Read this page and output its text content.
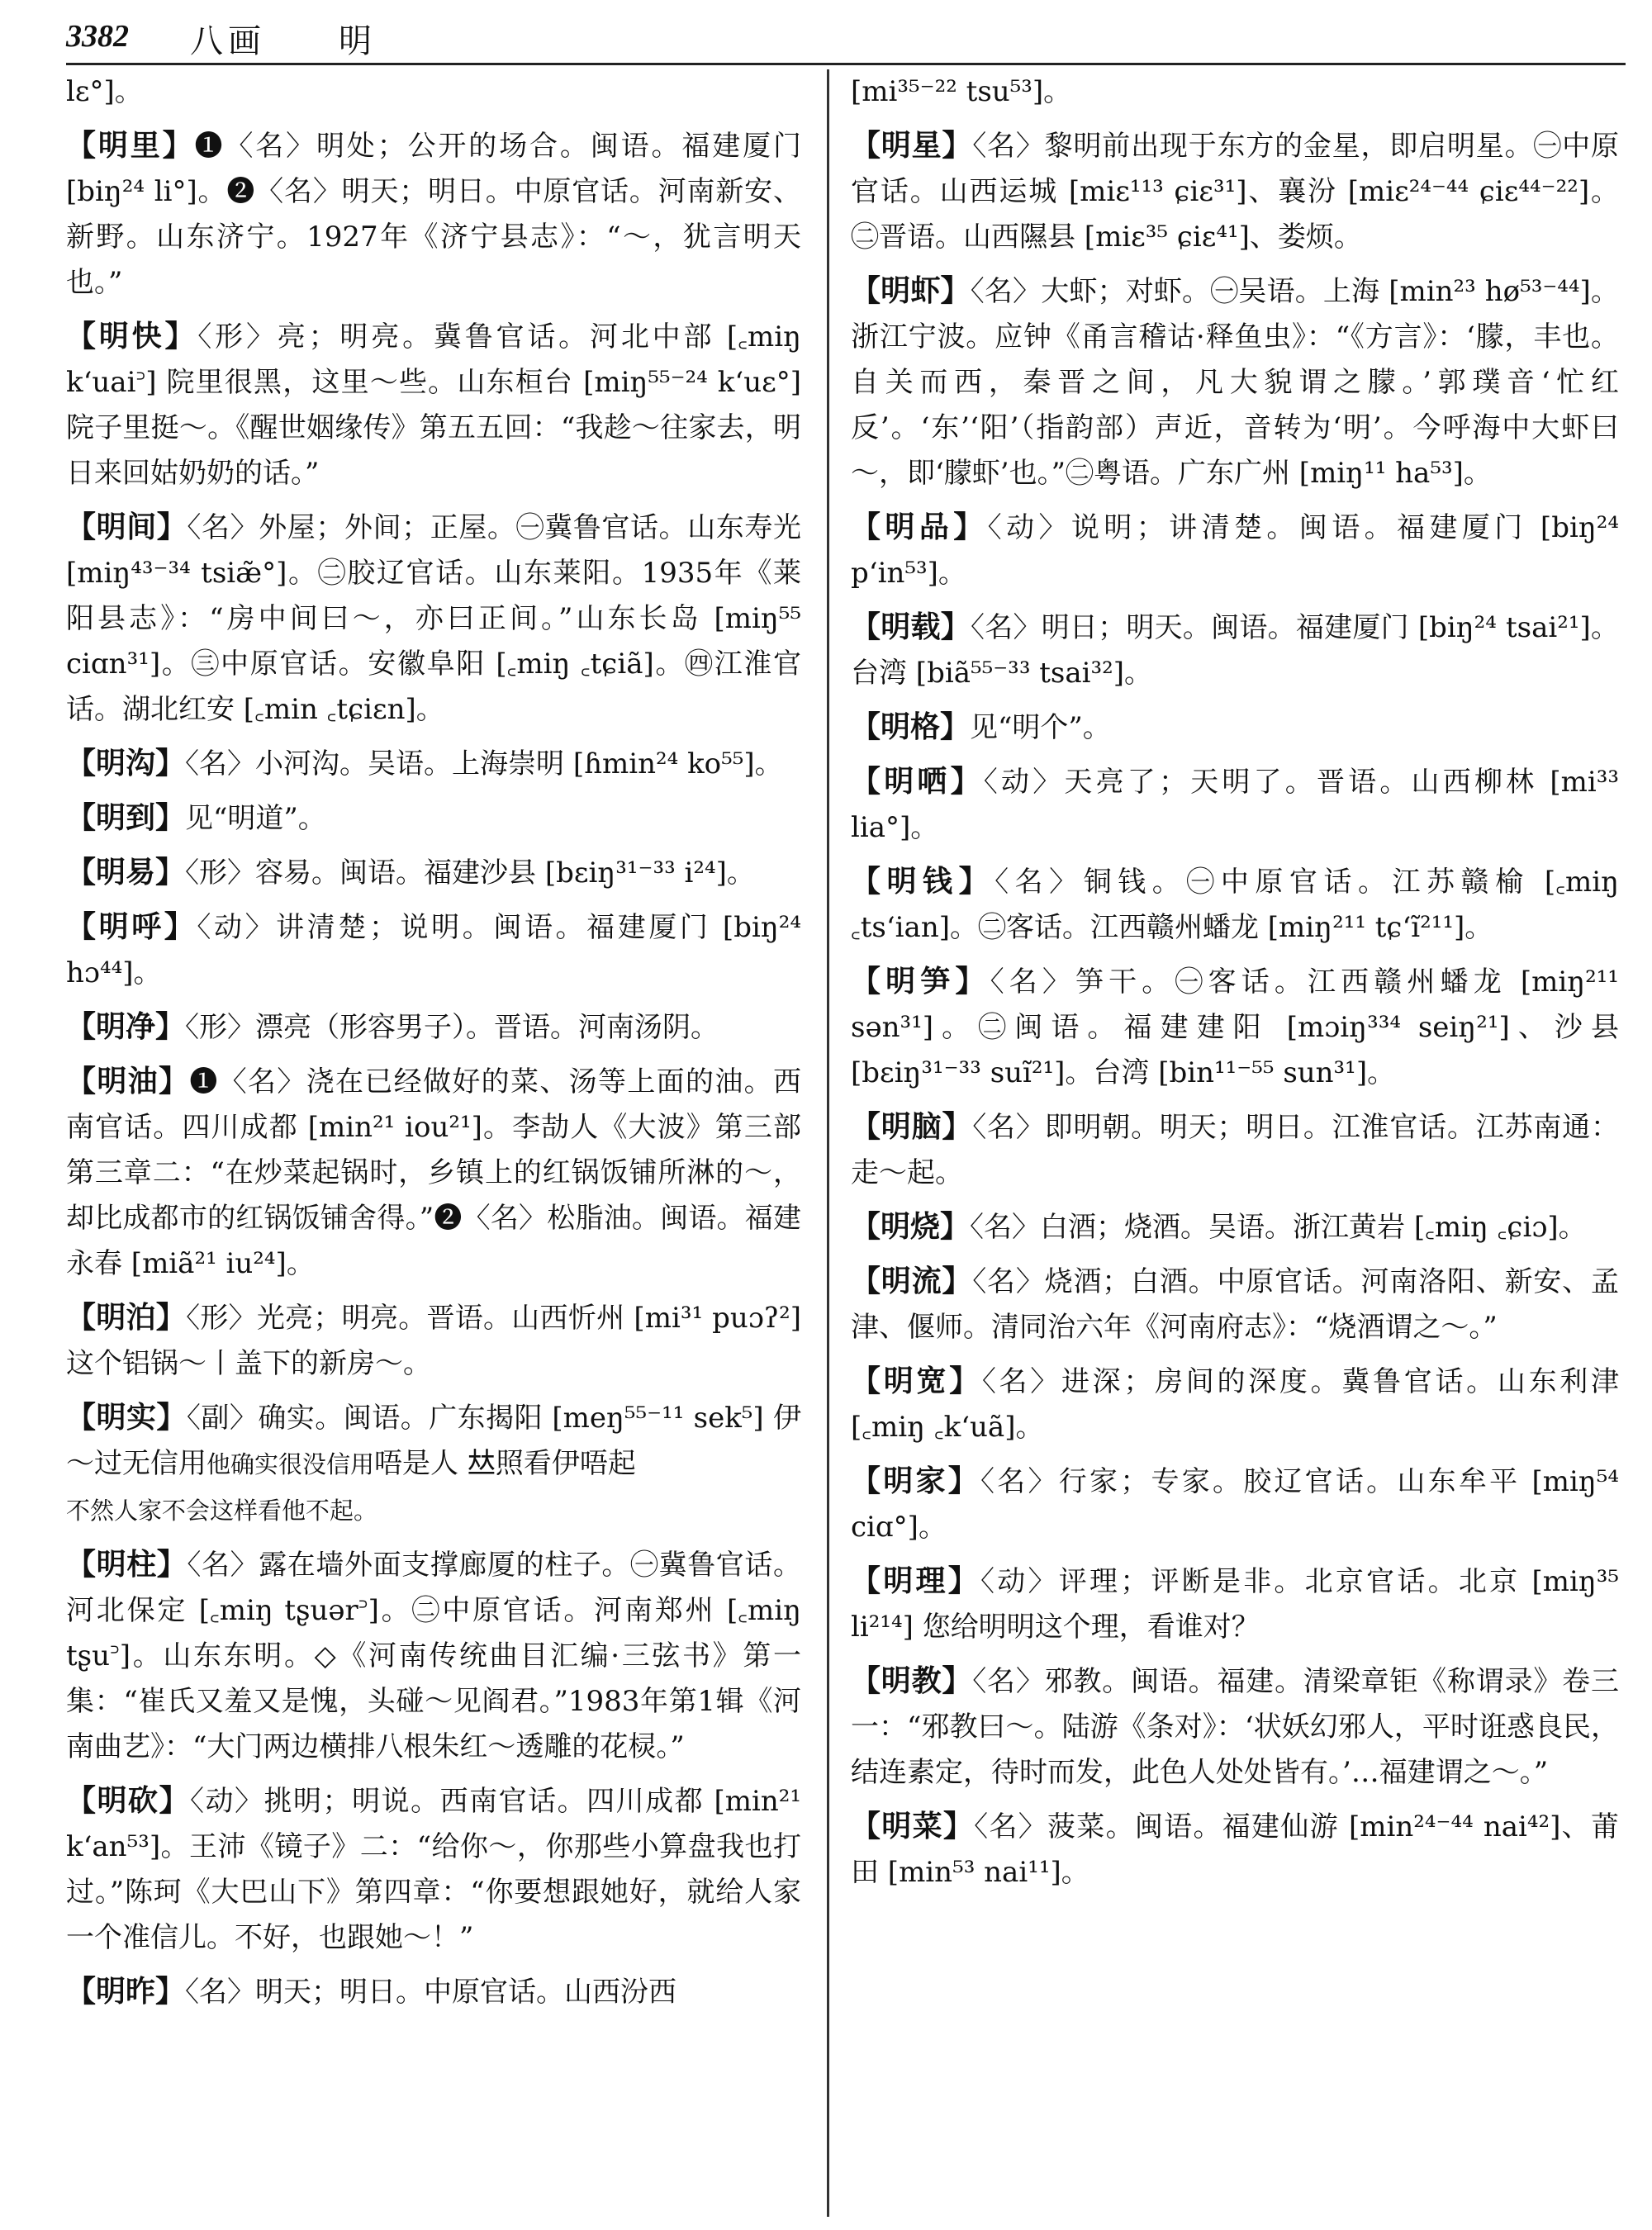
3382 八画 明

lɛ°]。

【明里】❶〈名〉明处；公开的场合。闽语。福建厦门 [biŋ²⁴ li°]。❷〈名〉明天；明日。中原官话。河南新安、新野。山东济宁。1927年《济宁县志》：“～，犹言明天也。”

【明快】〈形〉亮；明亮。冀鲁官话。河北中部 [꜀miŋ k‘uai꜄] 院里很黑，这里～些。山东桓台 [miŋ⁵⁵⁻²⁴ k‘uɛ°] 院子里挺～。《醒世姻缘传》第五五回：“我趁～往家去，明日来回姑奶奶的话。”

【明间】〈名〉外屋；外间；正屋。㊀冀鲁官话。山东寿光 [miŋ⁴³⁻³⁴ tsiæ̃°]。㊁胶辽官话。山东莱阳。1935年《莱阳县志》：“房中间曰～，亦曰正间。”山东长岛 [miŋ⁵⁵ ciɑn³¹]。㊂中原官话。安徽阜阳 [꜀miŋ ꜀tɕiã]。㊃江淮官话。湖北红安 [꜀min ꜀tɕiɛn]。

【明沟】〈名〉小河沟。吴语。上海崇明 [ɦmin²⁴ ko⁵⁵]。

【明到】见“明道”。

【明易】〈形〉容易。闽语。福建沙县 [bɛiŋ³¹⁻³³ i²⁴]。

【明呼】〈动〉讲清楚；说明。闽语。福建厦门 [biŋ²⁴ hɔ⁴⁴]。

【明净】〈形〉漂亮（形容男子）。晋语。河南汤阴。

【明油】❶〈名〉浇在已经做好的菜、汤等上面的油。西南官话。四川成都 [min²¹ iou²¹]。李劼人《大波》第三部第三章二：“在炒菜起锅时，乡镇上的红锅饭铺所淋的～，却比成都市的红锅饭铺舍得。”❷〈名〉松脂油。闽语。福建永春 [miã²¹ iu²⁴]。

【明泊】〈形〉光亮；明亮。晋语。山西忻州 [mi³¹ puɔʔ²] 这个铝锅～丨盖下的新房～。

【明实】〈副〉确实。闽语。广东揭阳 [meŋ⁵⁵⁻¹¹ sek⁵] 伊～过无信用他确实很没信用唔是人 𠀤照看伊唔起
不然人家不会这样看他不起。

【明柱】〈名〉露在墙外面支撑廊厦的柱子。㊀冀鲁官话。河北保定 [꜀miŋ tʂuər꜄]。㊁中原官话。河南郑州 [꜀miŋ tʂu꜄]。山东东明。◇《河南传统曲目汇编·三弦书》第一集：“崔氏又羞又是愧，头碰～见阎君。”1983年第1辑《河南曲艺》：“大门两边横排八根朱红～透雕的花棂。”

【明砍】〈动〉挑明；明说。西南官话。四川成都 [min²¹ k‘an⁵³]。王沛《镜子》二：“给你～，你那些小算盘我也打过。”陈珂《大巴山下》第四章：“你要想跟她好，就给人家一个准信儿。不好，也跟她～！”

【明昨】〈名〉明天；明日。中原官话。山西汾西

[mi³⁵⁻²² tsu⁵³]。

【明星】〈名〉黎明前出现于东方的金星，即启明星。㊀中原官话。山西运城 [miɛ¹¹³ ɕiɛ³¹]、襄汾 [miɛ²⁴⁻⁴⁴ ɕiɛ⁴⁴⁻²²]。 ㊁晋语。山西隰县 [miɛ³⁵ ɕiɛ⁴¹]、娄烦。

【明虾】〈名〉大虾；对虾。㊀吴语。上海 [min²³ hø⁵³⁻⁴⁴]。浙江宁波。应钟《甬言稽诂·释鱼虫》：“《方言》：‘朦，丰也。自关而西，秦晋之间，凡大貌谓之朦。’郭璞音‘忙红反’。‘东’‘阳’（指韵部）声近，音转为‘明’。今呼海中大虾曰～，即‘朦虾’也。”㊁粤语。广东广州 [miŋ¹¹ ha⁵³]。

【明品】〈动〉说明；讲清楚。闽语。福建厦门 [biŋ²⁴ p‘in⁵³]。

【明载】〈名〉明日；明天。闽语。福建厦门 [biŋ²⁴ tsai²¹]。台湾 [biã⁵⁵⁻³³ tsai³²]。

【明格】见“明个”。

【明哂】〈动〉天亮了；天明了。晋语。山西柳林 [mi³³ lia°]。

【明钱】〈名〉铜钱。㊀中原官话。江苏赣榆 [꜀miŋ ꜀ts‘ian]。㊁客话。江西赣州蟠龙 [miŋ²¹¹ tɕ‘ĩ²¹¹]。

【明笋】〈名〉笋干。㊀客话。江西赣州蟠龙 [miŋ²¹¹ sən³¹]。㊁闽语。福建建阳 [mɔiŋ³³⁴ seiŋ²¹]、沙县 [bɛiŋ³¹⁻³³ suĩ²¹]。台湾 [bin¹¹⁻⁵⁵ sun³¹]。

【明脑】〈名〉即明朝。明天；明日。江淮官话。江苏南通：走～起。

【明烧】〈名〉白酒；烧酒。吴语。浙江黄岩 [꜀miŋ ꜀ɕiɔ]。

【明流】〈名〉烧酒；白酒。中原官话。河南洛阳、新安、孟津、偃师。清同治六年《河南府志》：“烧酒谓之～。”

【明宽】〈名〉进深；房间的深度。冀鲁官话。山东利津 [꜀miŋ ꜀k‘uã]。

【明家】〈名〉行家；专家。胶辽官话。山东牟平 [miŋ⁵⁴ ciɑ°]。

【明理】〈动〉评理；评断是非。北京官话。北京 [miŋ³⁵ li²¹⁴] 您给明明这个理，看谁对？

【明教】〈名〉邪教。闽语。福建。清梁章钜《称谓录》卷三一：“邪教曰～。陆游《条对》：‘状妖幻邪人，平时诳惑良民，结连素定，待时而发，此色人处处皆有。’…福建谓之～。”

【明菜】〈名〉菠菜。闽语。福建仙游 [min²⁴⁻⁴⁴ nai⁴²]、莆田 [min⁵³ nai¹¹]。
